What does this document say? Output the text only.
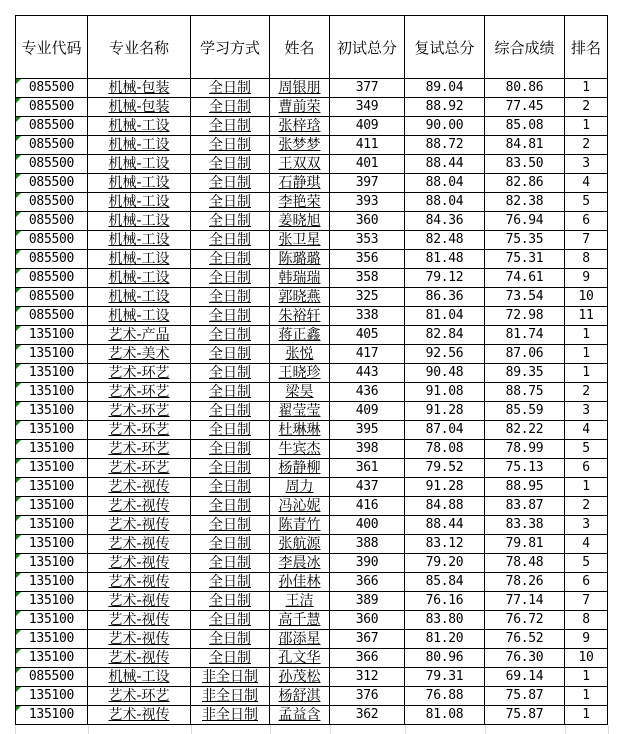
专业代码	专业名称	学习方式	姓名	初试总分	复试总分	综合成绩	排名
085500	机械-包装	全日制	周银朋	377	89.04	80.86	1
085500	机械-包装	全日制	曹前荣	349	88.92	77.45	2
085500	机械-工设	全日制	张梓琀	409	90.00	85.08	1
085500	机械-工设	全日制	张梦梦	411	88.72	84.81	2
085500	机械-工设	全日制	王双双	401	88.44	83.50	3
085500	机械-工设	全日制	石静琪	397	88.04	82.86	4
085500	机械-工设	全日制	李艳荣	393	88.04	82.38	5
085500	机械-工设	全日制	姜晓旭	360	84.36	76.94	6
085500	机械-工设	全日制	张卫星	353	82.48	75.35	7
085500	机械-工设	全日制	陈璐璐	356	81.48	75.31	8
085500	机械-工设	全日制	韩瑞瑞	358	79.12	74.61	9
085500	机械-工设	全日制	郭晓燕	325	86.36	73.54	10
085500	机械-工设	全日制	朱裕轩	338	81.04	72.98	11
135100	艺术-产品	全日制	蒋正鑫	405	82.84	81.74	1
135100	艺术-美术	全日制	张悦	417	92.56	87.06	1
135100	艺术-环艺	全日制	王晓珍	443	90.48	89.35	1
135100	艺术-环艺	全日制	梁昊	436	91.08	88.75	2
135100	艺术-环艺	全日制	翟莹莹	409	91.28	85.59	3
135100	艺术-环艺	全日制	杜琳琳	395	87.04	82.22	4
135100	艺术-环艺	全日制	牛宾杰	398	78.08	78.99	5
135100	艺术-环艺	全日制	杨静柳	361	79.52	75.13	6
135100	艺术-视传	全日制	周力	437	91.28	88.95	1
135100	艺术-视传	全日制	冯沁妮	416	84.88	83.87	2
135100	艺术-视传	全日制	陈青竹	400	88.44	83.38	3
135100	艺术-视传	全日制	张航源	388	83.12	79.81	4
135100	艺术-视传	全日制	李晨冰	390	79.20	78.48	5
135100	艺术-视传	全日制	孙佳林	366	85.84	78.26	6
135100	艺术-视传	全日制	王洁	389	76.16	77.14	7
135100	艺术-视传	全日制	高千慧	360	83.80	76.72	8
135100	艺术-视传	全日制	邵添星	367	81.20	76.52	9
135100	艺术-视传	全日制	孔文华	366	80.96	76.30	10
085500	机械-工设	非全日制	孙茂松	312	79.31	69.14	1
135100	艺术-环艺	非全日制	杨舒淇	376	76.88	75.87	1
135100	艺术-视传	非全日制	孟益含	362	81.08	75.87	1
